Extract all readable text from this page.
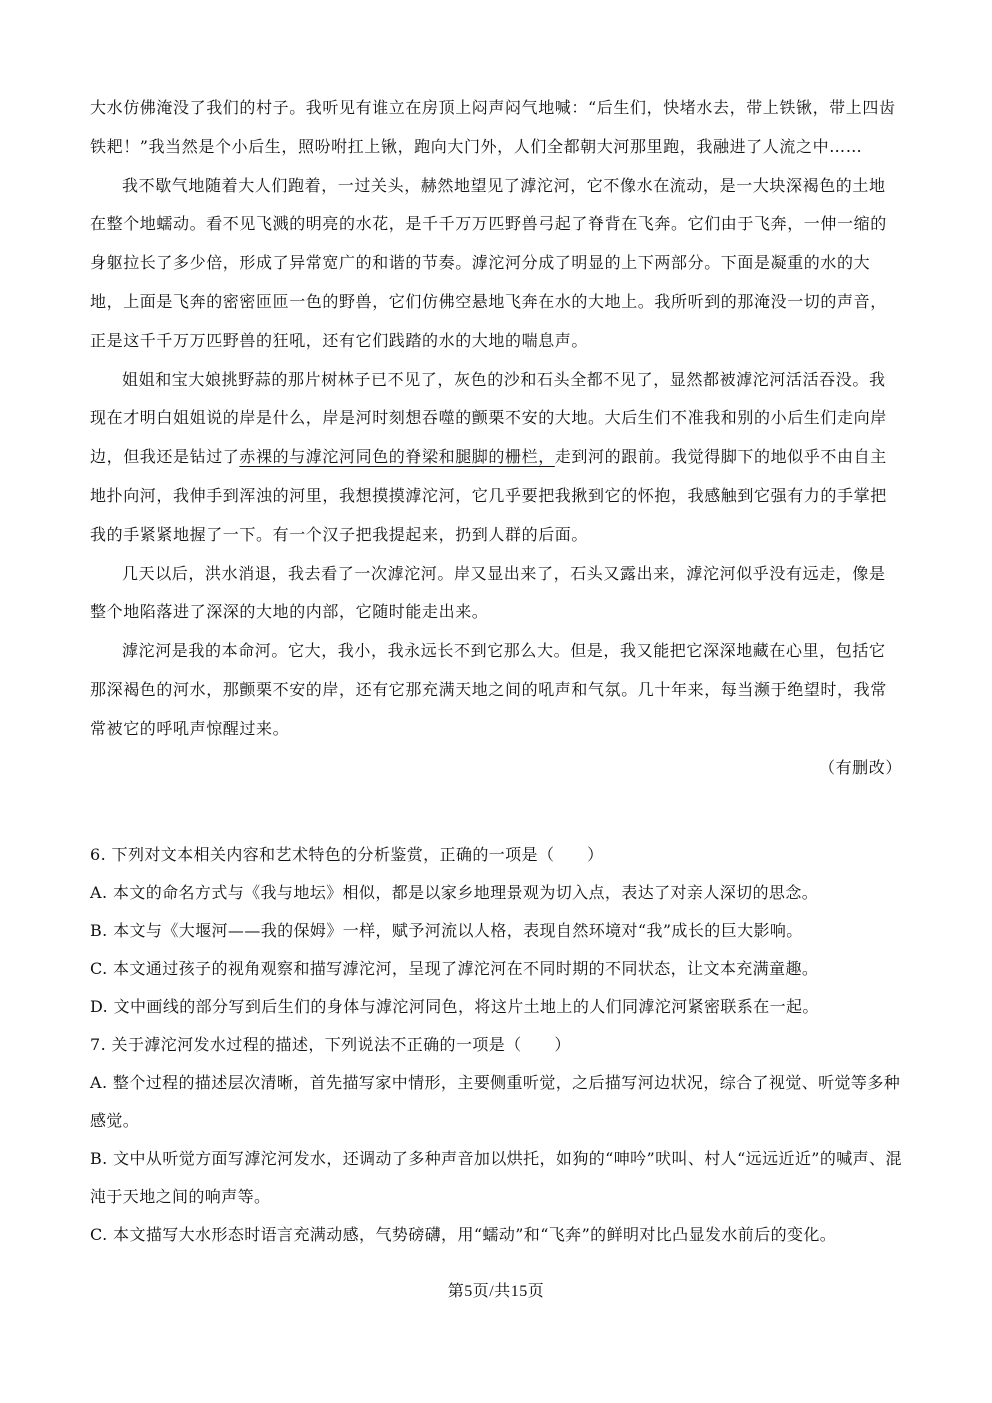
大水仿佛淹没了我们的村子。我听见有谁立在房顶上闷声闷气地喊：“后生们，快堵水去，带上铁锹，带上四齿铁耙！”我当然是个小后生，照吩咐扛上锹，跑向大门外，人们全都朝大河那里跑，我融进了人流之中……

我不歇气地随着大人们跑着，一过关头，赫然地望见了滹沱河，它不像水在流动，是一大块深褐色的土地在整个地蠕动。看不见飞溅的明亮的水花，是千千万万匹野兽弓起了脊背在飞奔。它们由于飞奔，一伸一缩的身躯拉长了多少倍，形成了异常宽广的和谐的节奏。滹沱河分成了明显的上下两部分。下面是凝重的水的大地，上面是飞奔的密密匝匝一色的野兽，它们仿佛空悬地飞奔在水的大地上。我所听到的那淹没一切的声音，正是这千千万万匹野兽的狂吼，还有它们践踏的水的大地的喘息声。

姐姐和宝大娘挑野蒜的那片树林子已不见了，灰色的沙和石头全都不见了，显然都被滹沱河活活吞没。我现在才明白姐姐说的岸是什么，岸是河时刻想吞噬的颤栗不安的大地。大后生们不准我和别的小后生们走向岸边，但我还是钻过了赤裸的与滹沱河同色的脊梁和腿脚的栅栏，走到河的跟前。我觉得脚下的地似乎不由自主地扑向河，我伸手到浑浊的河里，我想摸摸滹沱河，它几乎要把我揪到它的怀抱，我感触到它强有力的手掌把我的手紧紧地握了一下。有一个汉子把我提起来，扔到人群的后面。

几天以后，洪水消退，我去看了一次滹沱河。岸又显出来了，石头又露出来，滹沱河似乎没有远走，像是整个地陷落进了深深的大地的内部，它随时能走出来。

滹沱河是我的本命河。它大，我小，我永远长不到它那么大。但是，我又能把它深深地藏在心里，包括它那深褐色的河水，那颤栗不安的岸，还有它那充满天地之间的吼声和气氛。几十年来，每当濒于绝望时，我常常被它的呼吼声惊醒过来。

（有删改）

6. 下列对文本相关内容和艺术特色的分析鉴赏，正确的一项是（　　）

A. 本文的命名方式与《我与地坛》相似，都是以家乡地理景观为切入点，表达了对亲人深切的思念。

B. 本文与《大堰河——我的保姆》一样，赋予河流以人格，表现自然环境对“我”成长的巨大影响。

C. 本文通过孩子的视角观察和描写滹沱河，呈现了滹沱河在不同时期的不同状态，让文本充满童趣。

D. 文中画线的部分写到后生们的身体与滹沱河同色，将这片土地上的人们同滹沱河紧密联系在一起。

7. 关于滹沱河发水过程的描述，下列说法不正确的一项是（　　）

A. 整个过程的描述层次清晰，首先描写家中情形，主要侧重听觉，之后描写河边状况，综合了视觉、听觉等多种感觉。

B. 文中从听觉方面写滹沱河发水，还调动了多种声音加以烘托，如狗的“呻吟”吠叫、村人“远远近近”的喊声、混沌于天地之间的响声等。

C. 本文描写大水形态时语言充满动感，气势磅礴，用“蠕动”和“飞奔”的鲜明对比凸显发水前后的变化。

第5页/共15页
